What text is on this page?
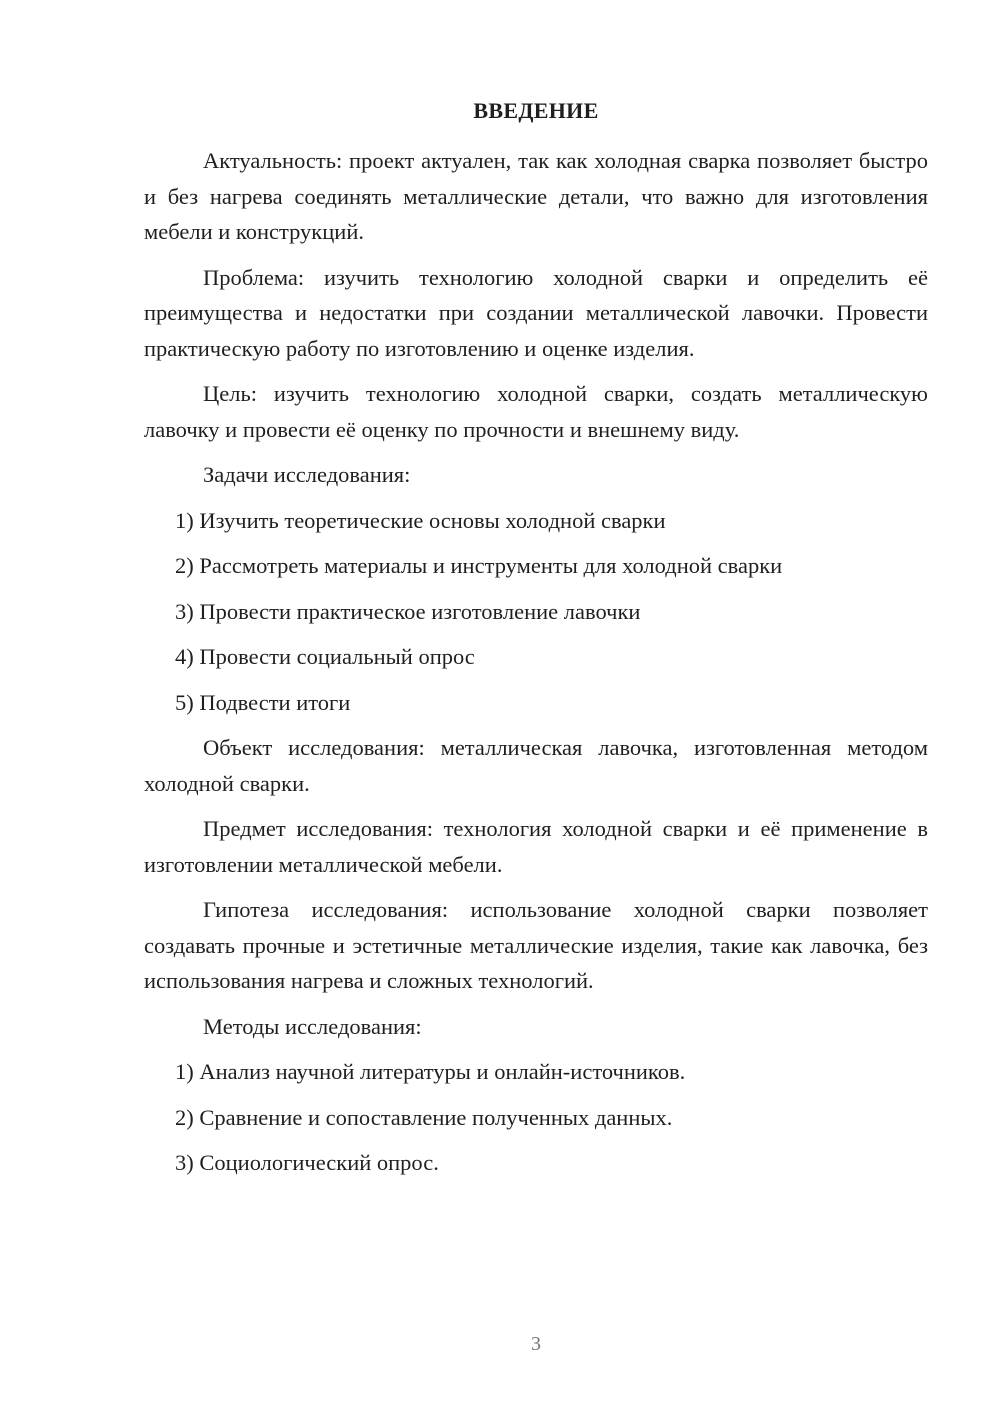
ВВЕДЕНИЕ

Актуальность: проект актуален, так как холодная сварка позволяет быстро и без нагрева соединять металлические детали, что важно для изготовления мебели и конструкций.

Проблема: изучить технологию холодной сварки и определить её преимущества и недостатки при создании металлической лавочки. Провести практическую работу по изготовлению и оценке изделия.

Цель: изучить технологию холодной сварки, создать металлическую лавочку и провести её оценку по прочности и внешнему виду.

Задачи исследования:

1) Изучить теоретические основы холодной сварки

2) Рассмотреть материалы и инструменты для холодной сварки

3) Провести практическое изготовление лавочки

4) Провести социальный опрос

5) Подвести итоги

Объект исследования: металлическая лавочка, изготовленная методом холодной сварки.

Предмет исследования: технология холодной сварки и её применение в изготовлении металлической мебели.

Гипотеза исследования: использование холодной сварки позволяет создавать прочные и эстетичные металлические изделия, такие как лавочка, без использования нагрева и сложных технологий.

Методы исследования:

1) Анализ научной литературы и онлайн-источников.

2) Сравнение и сопоставление полученных данных.

3) Социологический опрос.

3
